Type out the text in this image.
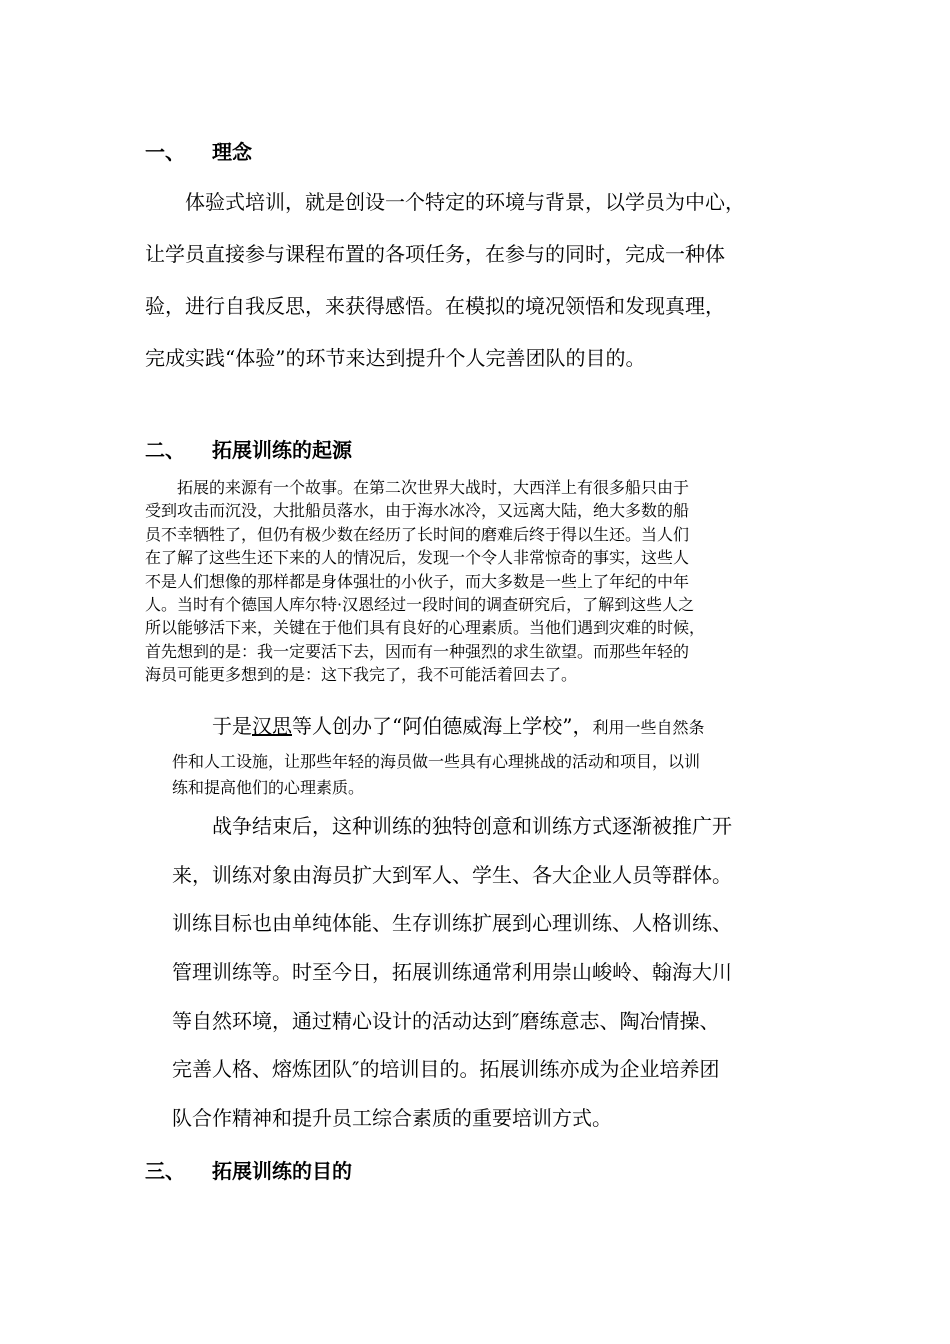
一、 理念
　　体验式培训，就是创设一个特定的环境与背景，以学员为中心，
让学员直接参与课程布置的各项任务，在参与的同时，完成一种体
验，进行自我反思，来获得感悟。在模拟的境况领悟和发现真理，
完成实践“体验”的环节来达到提升个人完善团队的目的。
二、 拓展训练的起源
　　拓展的来源有一个故事。在第二次世界大战时，大西洋上有很多船只由于
受到攻击而沉没，大批船员落水，由于海水冰冷，又远离大陆，绝大多数的船
员不幸牺牲了，但仍有极少数在经历了长时间的磨难后终于得以生还。当人们
在了解了这些生还下来的人的情况后，发现一个令人非常惊奇的事实，这些人
不是人们想像的那样都是身体强壮的小伙子，而大多数是一些上了年纪的中年
人。当时有个德国人库尔特·汉恩经过一段时间的调查研究后，了解到这些人之
所以能够活下来，关键在于他们具有良好的心理素质。当他们遇到灾难的时候，
首先想到的是：我一定要活下去，因而有一种强烈的求生欲望。而那些年轻的
海员可能更多想到的是：这下我完了，我不可能活着回去了。
　　于是汉思等人创办了“阿伯德威海上学校”，利用一些自然条
件和人工设施，让那些年轻的海员做一些具有心理挑战的活动和项目，以训
练和提高他们的心理素质。
　　战争结束后，这种训练的独特创意和训练方式逐渐被推广开
来，训练对象由海员扩大到军人、学生、各大企业人员等群体。
训练目标也由单纯体能、生存训练扩展到心理训练、人格训练、
管理训练等。时至今日，拓展训练通常利用崇山峻岭、翰海大川
等自然环境，通过精心设计的活动达到″磨练意志、陶冶情操、
完善人格、熔炼团队″的培训目的。拓展训练亦成为企业培养团
队合作精神和提升员工综合素质的重要培训方式。
三、 拓展训练的目的
